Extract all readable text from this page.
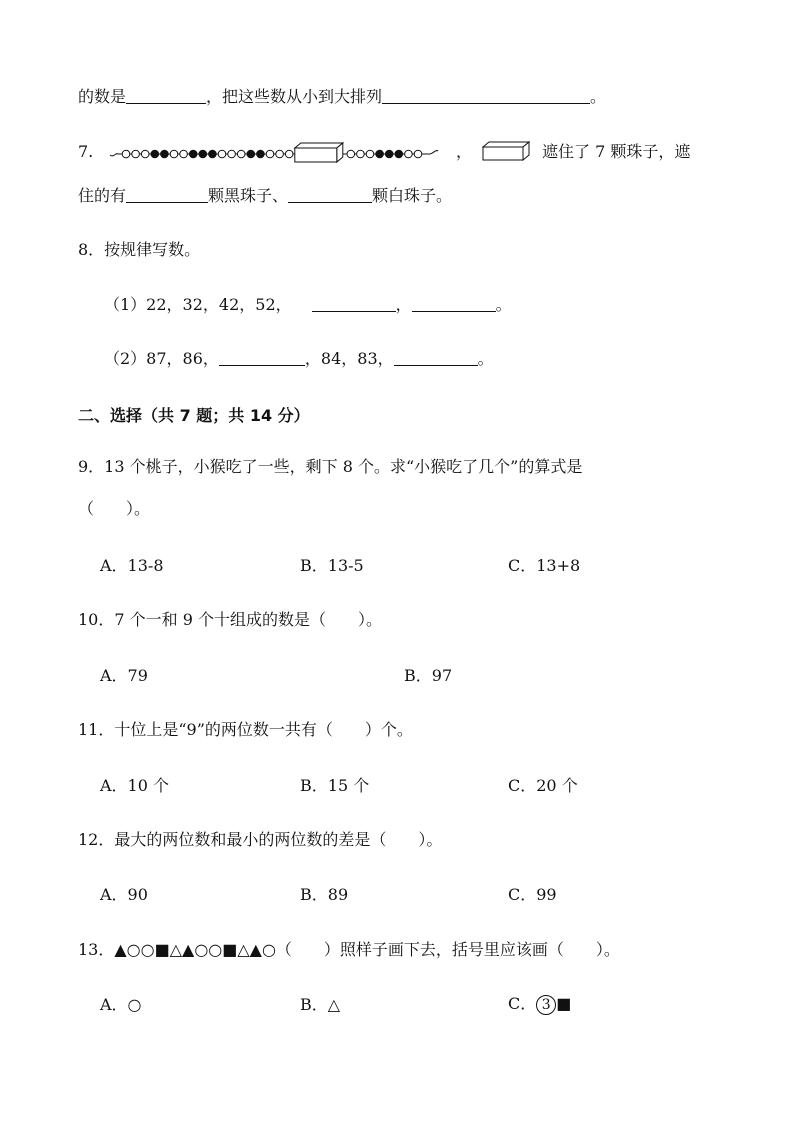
的数是	，把这些数从小到大排列	。
7.	，	遮住了 7 颗珠子，遮
住的有	颗黑珠子、	颗白珠子。
8．按规律写数。
（1）22，32，42，52，	，	。
（2）87，86，	，84，83，	。
二、选择（共 7 题；共 14 分）
9．13 个桃子，小猴吃了一些，剩下 8 个。求“小猴吃了几个”的算式是
（　　）。
A．13-8	B．13-5	C．13+8
10．7 个一和 9 个十组成的数是（　　）。
A．79	B．97
11．十位上是“9”的两位数一共有（　　）个。
A．10 个	B．15 个	C．20 个
12．最大的两位数和最小的两位数的差是（　　）。
A．90	B．89	C．99
13．▲○○■△▲○○■△▲○（　　）照样子画下去，括号里应该画（　　）。
A．○	B．△	C． 3 ■
